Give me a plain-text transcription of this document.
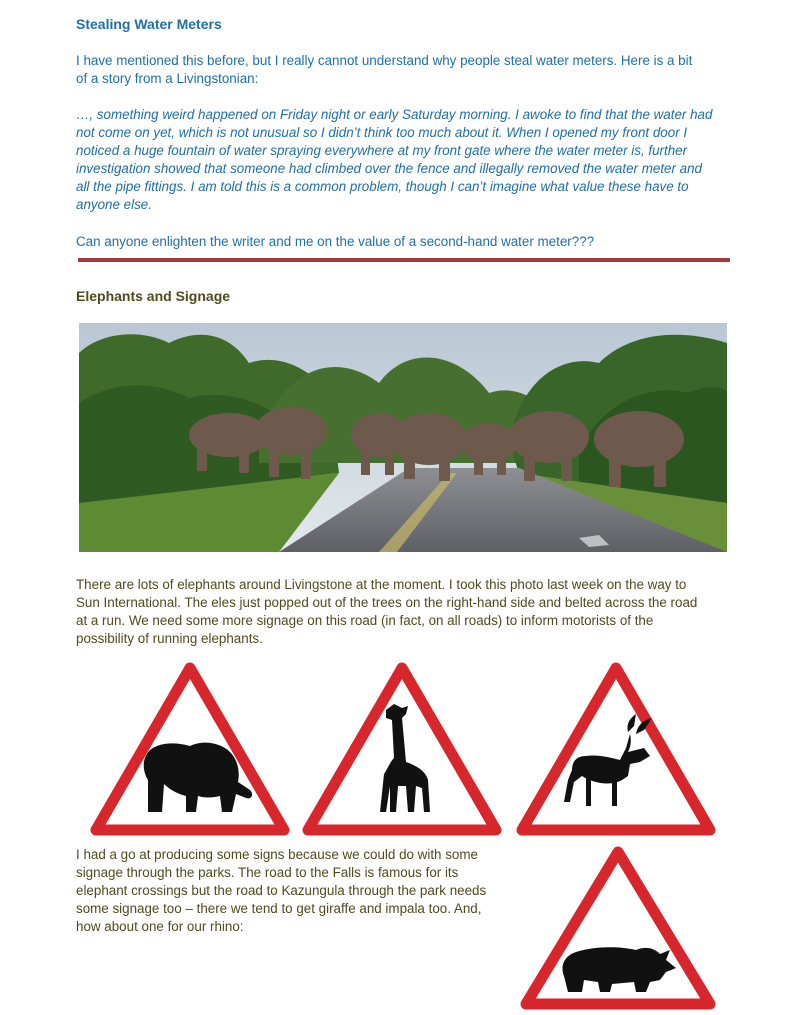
Stealing Water Meters
I have mentioned this before, but I really cannot understand why people steal water meters. Here is a bit
of a story from a Livingstonian:
…, something weird happened on Friday night or early Saturday morning. I awoke to find that the water had
not come on yet, which is not unusual so I didn’t think too much about it. When I opened my front door I
noticed a huge fountain of water spraying everywhere at my front gate where the water meter is, further
investigation showed that someone had climbed over the fence and illegally removed the water meter and
all the pipe fittings. I am told this is a common problem, though I can’t imagine what value these have to
anyone else.
Can anyone enlighten the writer and me on the value of a second-hand water meter???
Elephants and Signage
There are lots of elephants around Livingstone at the moment. I took this photo last week on the way to
Sun International. The eles just popped out of the trees on the right-hand side and belted across the road
at a run. We need some more signage on this road (in fact, on all roads) to inform motorists of the
possibility of running elephants.
I had a go at producing some signs because we could do with some
signage through the parks. The road to the Falls is famous for its
elephant crossings but the road to Kazungula through the park needs
some signage too – there we tend to get giraffe and impala too. And,
how about one for our rhino:
